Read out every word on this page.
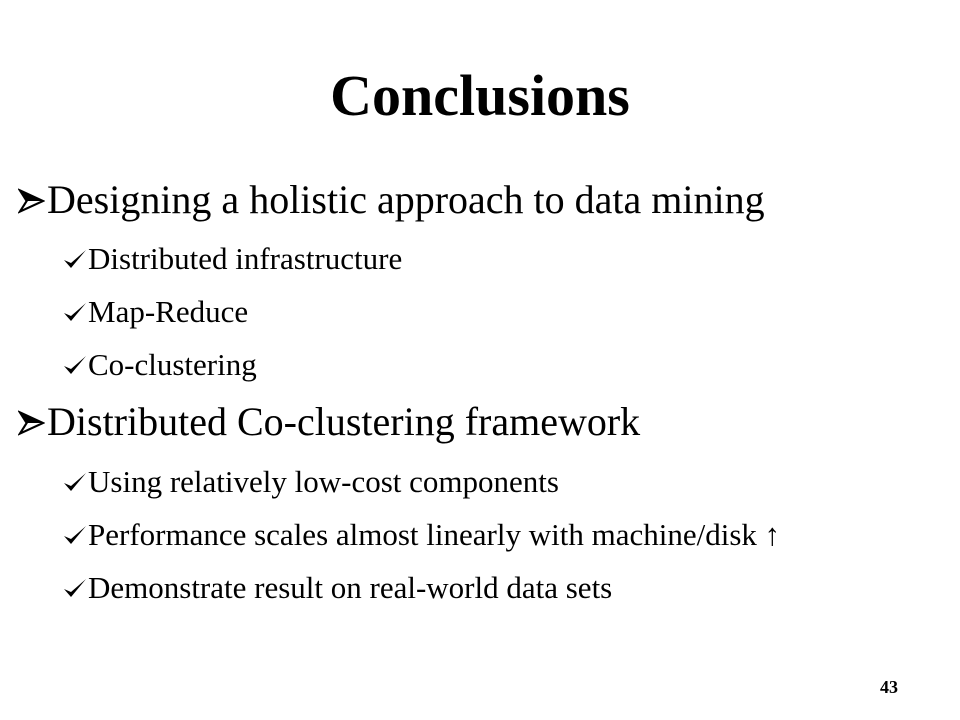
Conclusions
Designing a holistic approach to data mining
Distributed infrastructure
Map-Reduce
Co-clustering
Distributed Co-clustering framework
Using relatively low-cost components
Performance scales almost linearly with machine/disk ↑
Demonstrate result on real-world data sets
43
